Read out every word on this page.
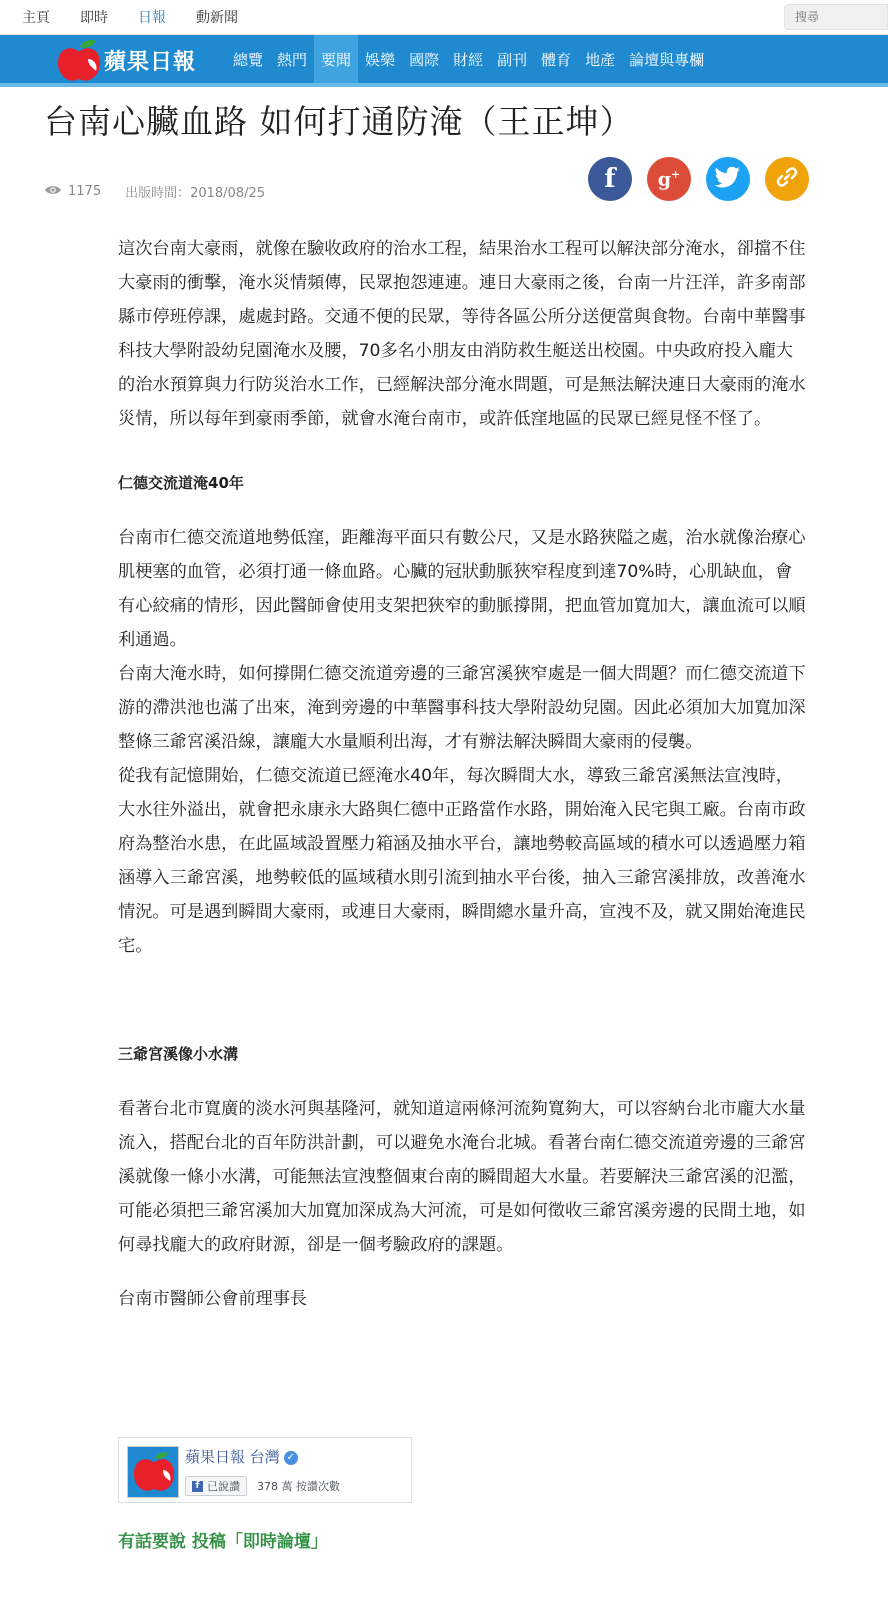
主頁 即時 日報 動新聞
搜尋
蘋果日報	總覽 熱門 要聞 娛樂 國際 財經 副刊 體育 地產 論壇與專欄
台南心臟血路 如何打通防淹（王正坤）
1175 出版時間：2018/08/25	f g+

這次台南大豪雨，就像在驗收政府的治水工程，結果治水工程可以解決部分淹水，卻擋不住大豪雨的衝擊，淹水災情頻傳，民眾抱怨連連。連日大豪雨之後，台南一片汪洋，許多南部縣市停班停課，處處封路。交通不便的民眾，等待各區公所分送便當與食物。台南中華醫事科技大學附設幼兒園淹水及腰，70多名小朋友由消防救生艇送出校園。中央政府投入龐大的治水預算與力行防災治水工作，已經解決部分淹水問題，可是無法解決連日大豪雨的淹水災情，所以每年到豪雨季節，就會水淹台南市，或許低窪地區的民眾已經見怪不怪了。

仁德交流道淹40年

台南市仁德交流道地勢低窪，距離海平面只有數公尺，又是水路狹隘之處，治水就像治療心肌梗塞的血管，必須打通一條血路。心臟的冠狀動脈狹窄程度到達70%時，心肌缺血，會有心絞痛的情形，因此醫師會使用支架把狹窄的動脈撐開，把血管加寬加大，讓血流可以順利通過。

台南大淹水時，如何撐開仁德交流道旁邊的三爺宮溪狹窄處是一個大問題？而仁德交流道下游的滯洪池也滿了出來，淹到旁邊的中華醫事科技大學附設幼兒園。因此必須加大加寬加深整條三爺宮溪沿線，讓龐大水量順利出海，才有辦法解決瞬間大豪雨的侵襲。

從我有記憶開始，仁德交流道已經淹水40年，每次瞬間大水，導致三爺宮溪無法宣洩時，大水往外溢出，就會把永康永大路與仁德中正路當作水路，開始淹入民宅與工廠。台南市政府為整治水患，在此區域設置壓力箱涵及抽水平台，讓地勢較高區域的積水可以透過壓力箱涵導入三爺宮溪，地勢較低的區域積水則引流到抽水平台後，抽入三爺宮溪排放，改善淹水情況。可是遇到瞬間大豪雨，或連日大豪雨，瞬間總水量升高，宣洩不及，就又開始淹進民宅。

三爺宮溪像小水溝

看著台北市寬廣的淡水河與基隆河，就知道這兩條河流夠寬夠大，可以容納台北市龐大水量流入，搭配台北的百年防洪計劃，可以避免水淹台北城。看著台南仁德交流道旁邊的三爺宮溪就像一條小水溝，可能無法宣洩整個東台南的瞬間超大水量。若要解決三爺宮溪的氾濫，可能必須把三爺宮溪加大加寬加深成為大河流，可是如何徵收三爺宮溪旁邊的民間土地，如何尋找龐大的政府財源，卻是一個考驗政府的課題。

台南市醫師公會前理事長

蘋果日報 台灣 ✓
f 已說讚 378 萬 按讚次數
有話要說 投稿「即時論壇」
